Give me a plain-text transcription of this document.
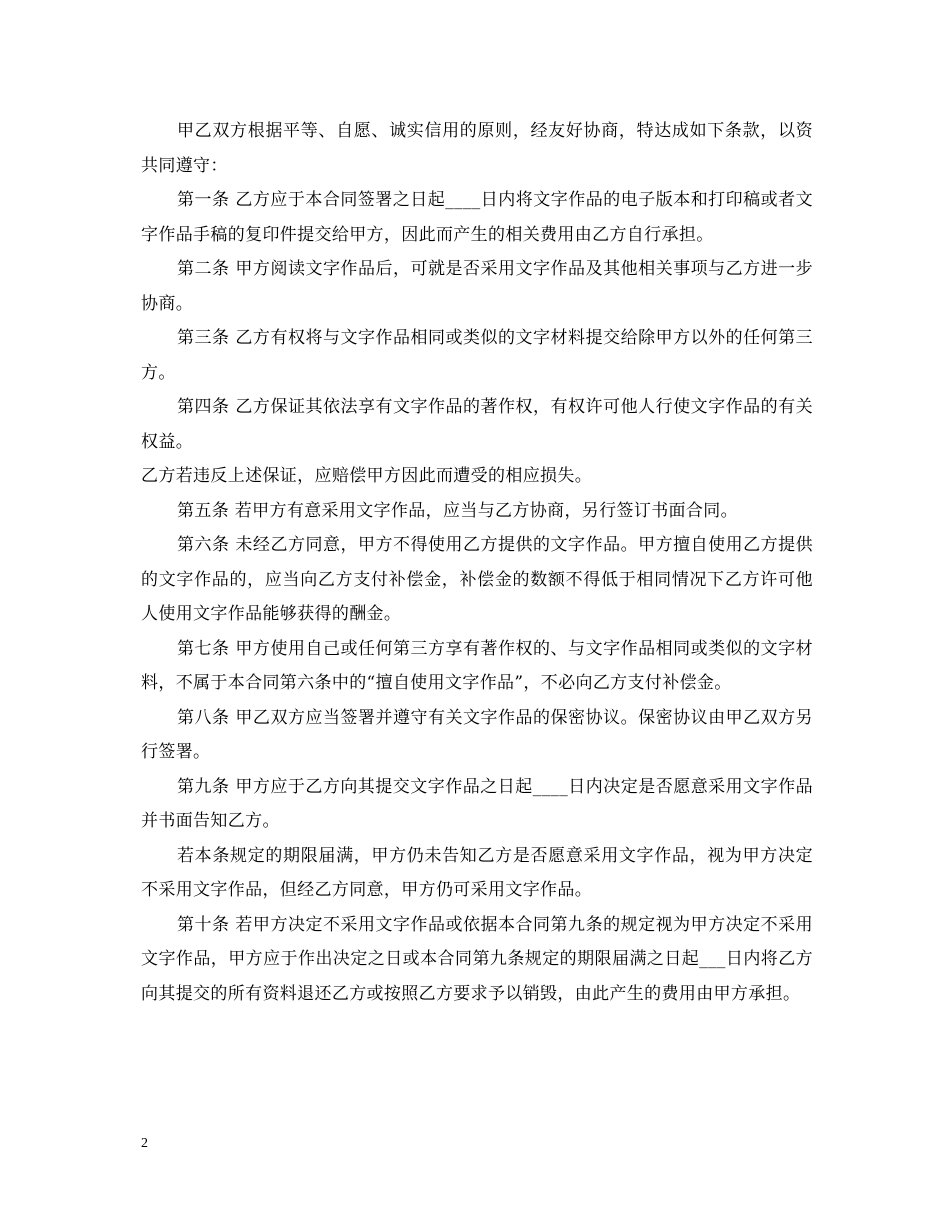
甲乙双方根据平等、自愿、诚实信用的原则，经友好协商，特达成如下条款，以资共同遵守：

第一条 乙方应于本合同签署之日起____日内将文字作品的电子版本和打印稿或者文字作品手稿的复印件提交给甲方，因此而产生的相关费用由乙方自行承担。

第二条 甲方阅读文字作品后，可就是否采用文字作品及其他相关事项与乙方进一步协商。

第三条 乙方有权将与文字作品相同或类似的文字材料提交给除甲方以外的任何第三方。

第四条 乙方保证其依法享有文字作品的著作权，有权许可他人行使文字作品的有关权益。

乙方若违反上述保证，应赔偿甲方因此而遭受的相应损失。

第五条 若甲方有意采用文字作品，应当与乙方协商，另行签订书面合同。

第六条 未经乙方同意，甲方不得使用乙方提供的文字作品。甲方擅自使用乙方提供的文字作品的，应当向乙方支付补偿金，补偿金的数额不得低于相同情况下乙方许可他人使用文字作品能够获得的酬金。

第七条 甲方使用自己或任何第三方享有著作权的、与文字作品相同或类似的文字材料，不属于本合同第六条中的“擅自使用文字作品”，不必向乙方支付补偿金。

第八条 甲乙双方应当签署并遵守有关文字作品的保密协议。保密协议由甲乙双方另行签署。

第九条 甲方应于乙方向其提交文字作品之日起____日内决定是否愿意采用文字作品并书面告知乙方。

若本条规定的期限届满，甲方仍未告知乙方是否愿意采用文字作品，视为甲方决定不采用文字作品，但经乙方同意，甲方仍可采用文字作品。

第十条 若甲方决定不采用文字作品或依据本合同第九条的规定视为甲方决定不采用文字作品，甲方应于作出决定之日或本合同第九条规定的期限届满之日起___日内将乙方向其提交的所有资料退还乙方或按照乙方要求予以销毁，由此产生的费用由甲方承担。

2
